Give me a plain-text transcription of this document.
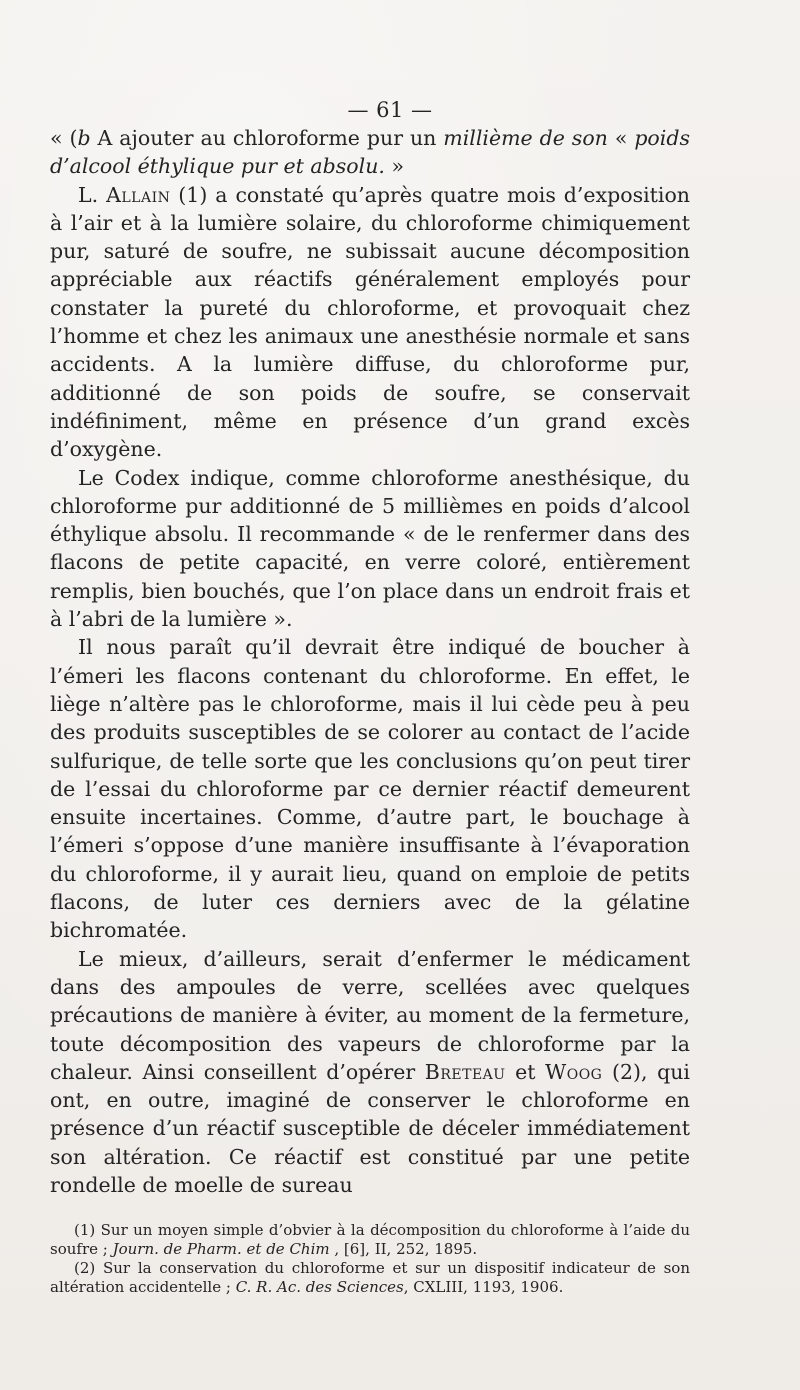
— 61 —

« (b A ajouter au chloroforme pur un millième de son « poids d’alcool éthylique pur et absolu. »

L. Allain (1) a constaté qu’après quatre mois d’exposition à l’air et à la lumière solaire, du chloroforme chimiquement pur, saturé de soufre, ne subissait aucune décomposition appréciable aux réactifs généralement employés pour constater la pureté du chloroforme, et provoquait chez l’homme et chez les animaux une anesthésie normale et sans accidents. A la lumière diffuse, du chloroforme pur, additionné de son poids de soufre, se conservait indéfiniment, même en présence d’un grand excès d’oxygène.

Le Codex indique, comme chloroforme anesthésique, du chloroforme pur additionné de 5 millièmes en poids d’alcool éthylique absolu. Il recommande « de le renfermer dans des flacons de petite capacité, en verre coloré, entièrement remplis, bien bouchés, que l’on place dans un endroit frais et à l’abri de la lumière ».

Il nous paraît qu’il devrait être indiqué de boucher à l’émeri les flacons contenant du chloroforme. En effet, le liège n’altère pas le chloroforme, mais il lui cède peu à peu des produits susceptibles de se colorer au contact de l’acide sulfurique, de telle sorte que les conclusions qu’on peut tirer de l’essai du chloroforme par ce dernier réactif demeurent ensuite incertaines. Comme, d’autre part, le bouchage à l’émeri s’oppose d’une manière insuffisante à l’évaporation du chloroforme, il y aurait lieu, quand on emploie de petits flacons, de luter ces derniers avec de la gélatine bichromatée.

Le mieux, d’ailleurs, serait d’enfermer le médicament dans des ampoules de verre, scellées avec quelques précautions de manière à éviter, au moment de la fermeture, toute décomposition des vapeurs de chloroforme par la chaleur. Ainsi conseillent d’opérer Breteau et Woog (2), qui ont, en outre, imaginé de conserver le chloroforme en présence d’un réactif susceptible de déceler immédiatement son altération. Ce réactif est constitué par une petite rondelle de moelle de sureau

(1) Sur un moyen simple d’obvier à la décomposition du chloroforme à l’aide du soufre ; Journ. de Pharm. et de Chim , [6], II, 252, 1895.

(2) Sur la conservation du chloroforme et sur un dispositif indicateur de son altération accidentelle ; C. R. Ac. des Sciences, CXLIII, 1193, 1906.
